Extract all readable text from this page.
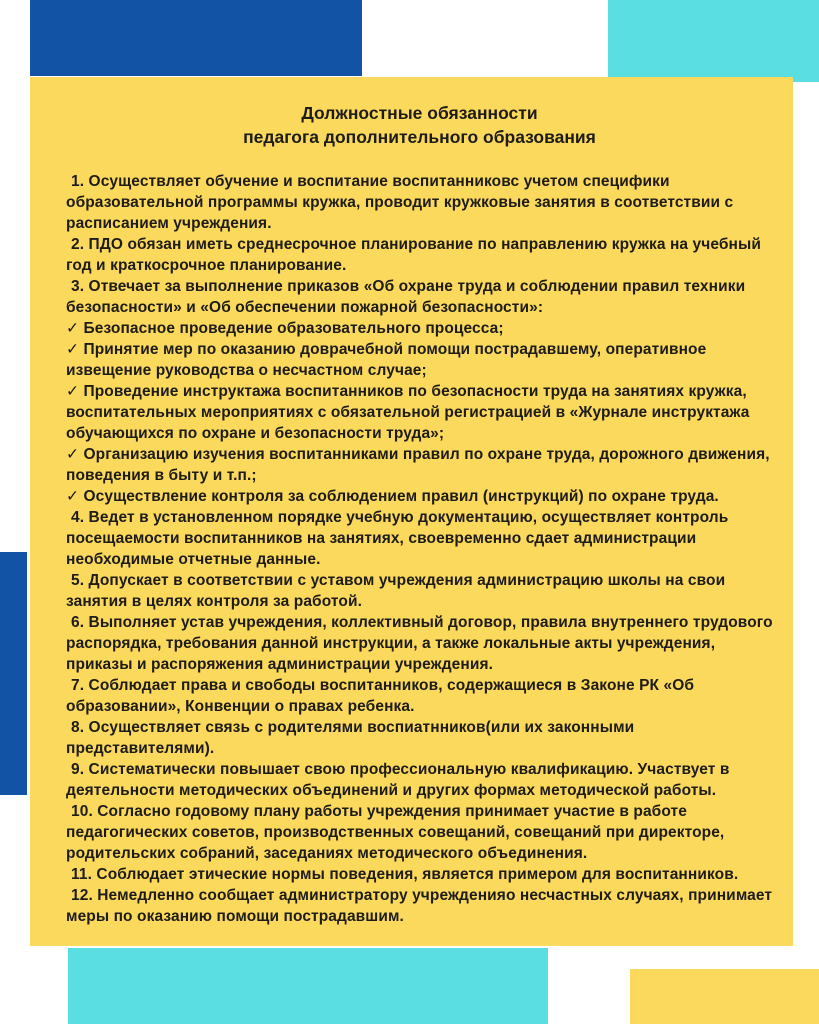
Должностные обязанности
педагога дополнительного образования

1. Осуществляет обучение и воспитание воспитанниковс учетом специфики образовательной программы кружка, проводит кружковые занятия в соответствии с расписанием учреждения.

2. ПДО обязан иметь среднесрочное планирование по направлению кружка на учебный год и краткосрочное планирование.

3. Отвечает за выполнение приказов «Об охране труда и соблюдении правил техники безопасности» и «Об обеспечении пожарной безопасности»:

✓ Безопасное проведение образовательного процесса;

✓ Принятие мер по оказанию доврачебной помощи пострадавшему, оперативное извещение руководства о несчастном случае;

✓ Проведение инструктажа воспитанников по безопасности труда на занятиях кружка, воспитательных мероприятиях с обязательной регистрацией в «Журнале инструктажа обучающихся по охране и безопасности труда»;

✓ Организацию изучения воспитанниками правил по охране труда, дорожного движения, поведения в быту и т.п.;

✓ Осуществление контроля за соблюдением правил (инструкций) по охране труда.

4. Ведет в установленном порядке учебную документацию, осуществляет контроль посещаемости воспитанников на занятиях, своевременно сдает администрации необходимые отчетные данные.

5. Допускает в соответствии с уставом учреждения администрацию школы на свои занятия в целях контроля за работой.

6. Выполняет устав учреждения, коллективный договор, правила внутреннего трудового распорядка, требования данной инструкции, а также локальные акты учреждения, приказы и распоряжения администрации учреждения.

7. Соблюдает права и свободы воспитанников, содержащиеся в Законе РК «Об образовании», Конвенции о правах ребенка.

8. Осуществляет связь с родителями воспиатнников(или их законными представителями).

9. Систематически повышает свою профессиональную квалификацию. Участвует в деятельности методических объединений и других формах методической работы.

10. Согласно годовому плану работы учреждения принимает участие в работе педагогических советов, производственных совещаний, совещаний при директоре, родительских собраний, заседаниях методического объединения.

11. Соблюдает этические нормы поведения, является примером для воспитанников.

12. Немедленно сообщает администратору учрежденияо несчастных случаях, принимает меры по оказанию помощи пострадавшим.
